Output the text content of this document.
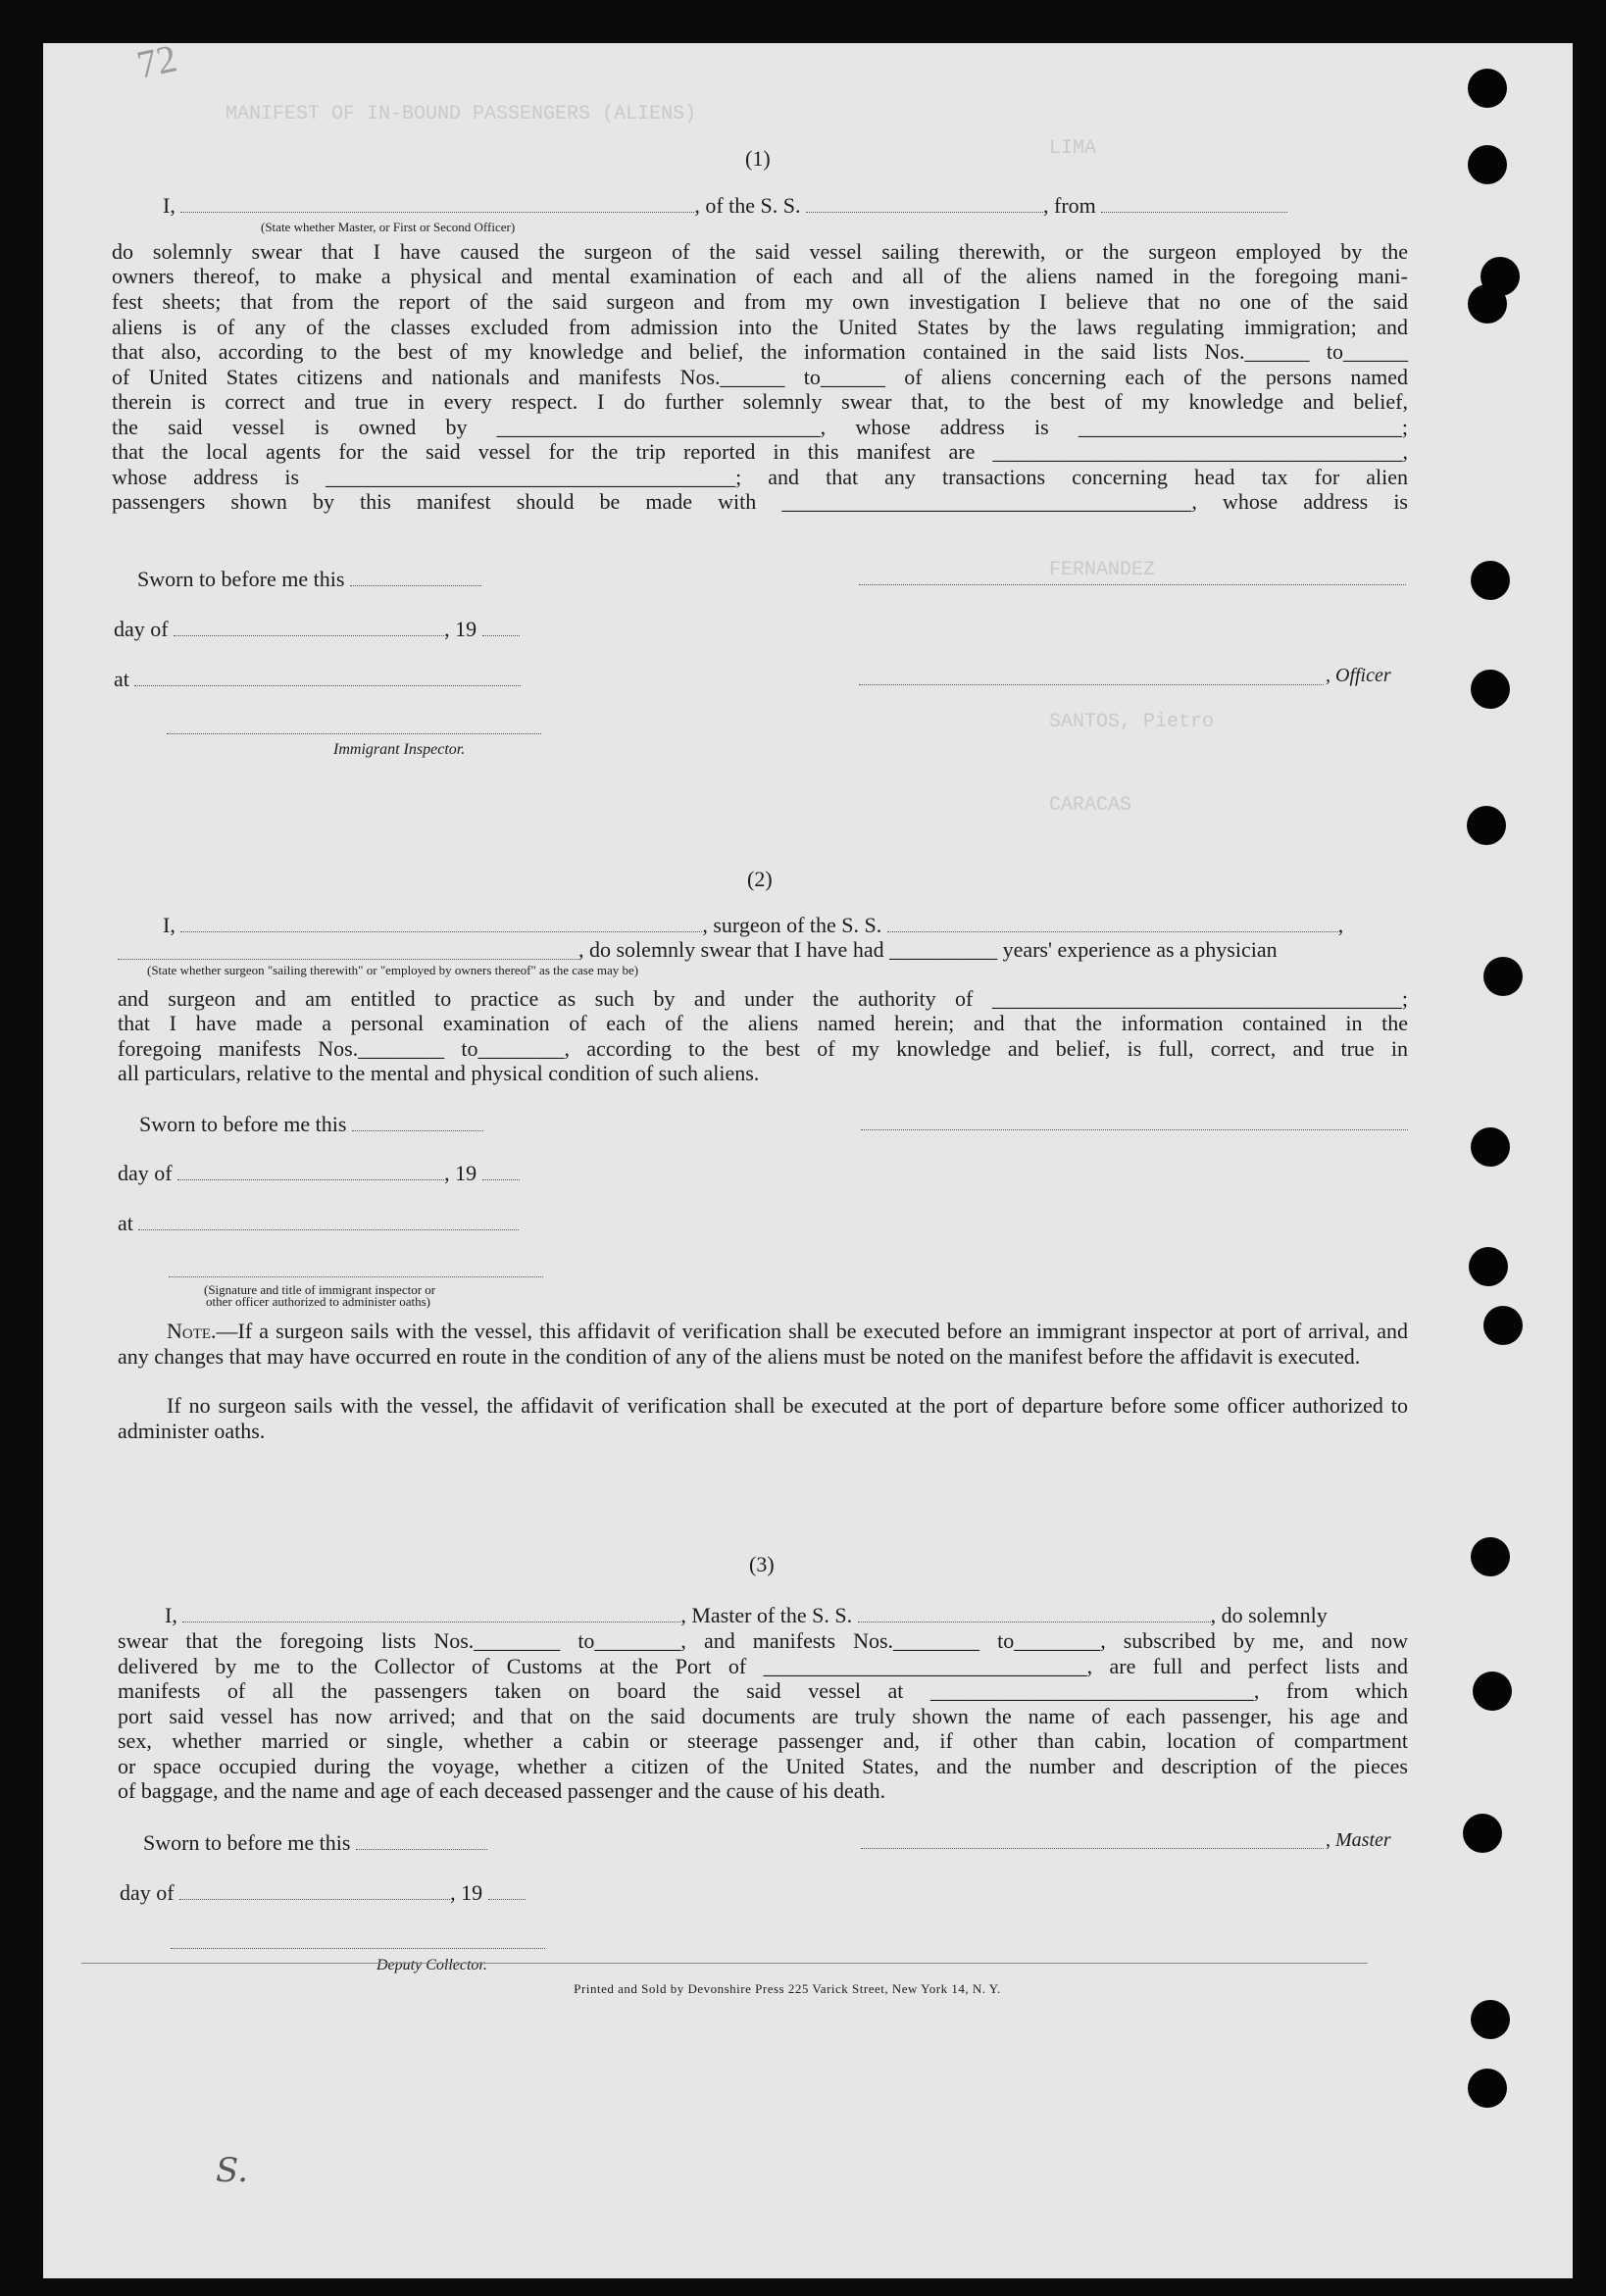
MANIFEST OF IN-BOUND PASSENGERS (ALIENS)
LIMA
FERNANDEZ
SANTOS, Pietro
CARACAS
72
(1)
I,	, of the S. S.	, from
(State whether Master, or First or Second Officer)
do solemnly swear that I have caused the surgeon of the said vessel sailing therewith, or the surgeon employed by the
owners thereof, to make a physical and mental examination of each and all of the aliens named in the foregoing mani-
fest sheets; that from the report of the said surgeon and from my own investigation I believe that no one of the said
aliens is of any of the classes excluded from admission into the United States by the laws regulating immigration; and
that also, according to the best of my knowledge and belief, the information contained in the said lists Nos.______ to______
of United States citizens and nationals and manifests Nos.______ to______ of aliens concerning each of the persons named
therein is correct and true in every respect. I do further solemnly swear that, to the best of my knowledge and belief,
the said vessel is owned by ______________________________, whose address is ______________________________;
that the local agents for the said vessel for the trip reported in this manifest are ______________________________________,
whose address is ______________________________________; and that any transactions concerning head tax for alien
passengers shown by this manifest should be made with ______________________________________, whose address is
Sworn to before me this
day of	, 19
at	, Officer
Immigrant Inspector.
(2)
I,	, surgeon of the S. S.	,
, do solemnly swear that I have had __________ years' experience as a physician
(State whether surgeon "sailing therewith" or "employed by owners thereof" as the case may be)
and surgeon and am entitled to practice as such by and under the authority of ______________________________________;
that I have made a personal examination of each of the aliens named herein; and that the information contained in the
foregoing manifests Nos.________ to________, according to the best of my knowledge and belief, is full, correct, and true in
all particulars, relative to the mental and physical condition of such aliens.
Sworn to before me this
day of	, 19
at
(Signature and title of immigrant inspector or
other officer authorized to administer oaths)
Note.—If a surgeon sails with the vessel, this affidavit of verification shall be executed before an immigrant inspector at port of arrival, and any changes that may have occurred en route in the condition of any of the aliens must be noted on the manifest before the affidavit is executed.
If no surgeon sails with the vessel, the affidavit of verification shall be executed at the port of departure before some officer authorized to administer oaths.
(3)
I,	, Master of the S. S.	, do solemnly
swear that the foregoing lists Nos.________ to________, and manifests Nos.________ to________, subscribed by me, and now
delivered by me to the Collector of Customs at the Port of ______________________________, are full and perfect lists and
manifests of all the passengers taken on board the said vessel at ______________________________, from which
port said vessel has now arrived; and that on the said documents are truly shown the name of each passenger, his age and
sex, whether married or single, whether a cabin or steerage passenger and, if other than cabin, location of compartment
or space occupied during the voyage, whether a citizen of the United States, and the number and description of the pieces
of baggage, and the name and age of each deceased passenger and the cause of his death.
Sworn to before me this	, Master
day of	, 19
Deputy Collector.
Printed and Sold by Devonshire Press 225 Varick Street, New York 14, N. Y.
S.
